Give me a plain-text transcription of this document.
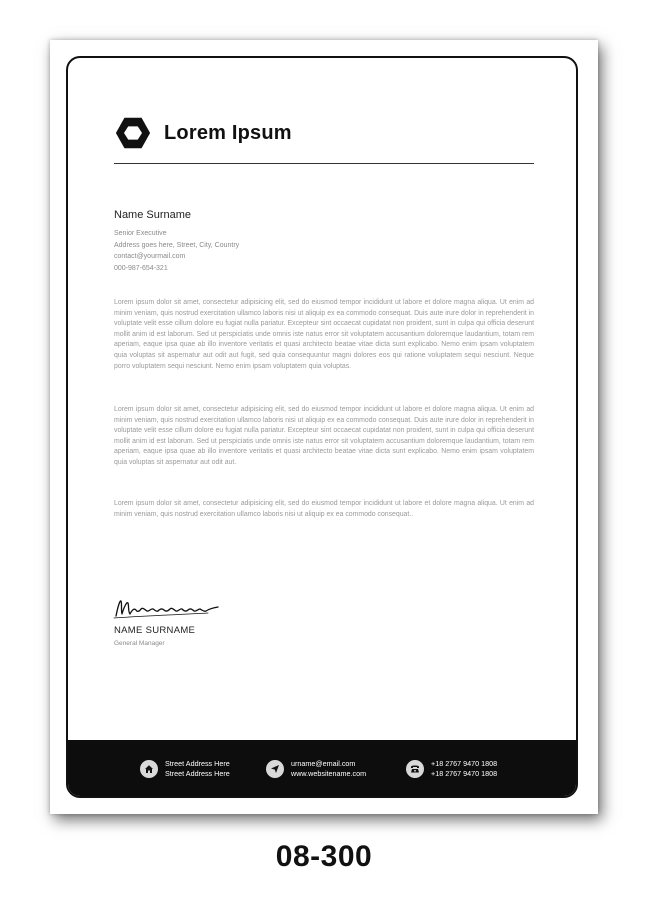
Lorem Ipsum
Name Surname
Senior Executive
Address goes here, Street, City, Country
contact@yourmail.com
000-987-654-321

Lorem ipsum dolor sit amet, consectetur adipisicing elit, sed do eiusmod tempor incididunt ut labore et dolore magna aliqua. Ut enim ad minim veniam, quis nostrud exercitation ullamco laboris nisi ut aliquip ex ea commodo consequat. Duis aute irure dolor in reprehenderit in voluptate velit esse cillum dolore eu fugiat nulla pariatur. Excepteur sint occaecat cupidatat non proident, sunt in culpa qui officia deserunt mollit anim id est laborum. Sed ut perspiciatis unde omnis iste natus error sit voluptatem accusantium doloremque laudantium, totam rem aperiam, eaque ipsa quae ab illo inventore veritatis et quasi architecto beatae vitae dicta sunt explicabo. Nemo enim ipsam voluptatem quia voluptas sit aspernatur aut odit aut fugit, sed quia consequuntur magni dolores eos qui ratione voluptatem sequi nesciunt. Neque porro voluptatem sequi nesciunt. Nemo enim ipsam voluptatem quia voluptas.

Lorem ipsum dolor sit amet, consectetur adipisicing elit, sed do eiusmod tempor incididunt ut labore et dolore magna aliqua. Ut enim ad minim veniam, quis nostrud exercitation ullamco laboris nisi ut aliquip ex ea commodo consequat. Duis aute irure dolor in reprehenderit in voluptate velit esse cillum dolore eu fugiat nulla pariatur. Excepteur sint occaecat cupidatat non proident, sunt in culpa qui officia deserunt mollit anim id est laborum. Sed ut perspiciatis unde omnis iste natus error sit voluptatem accusantium doloremque laudantium, totam rem aperiam, eaque ipsa quae ab illo inventore veritatis et quasi architecto beatae vitae dicta sunt explicabo. Nemo enim ipsam voluptatem quia voluptas sit aspernatur aut odit aut.

Lorem ipsum dolor sit amet, consectetur adipisicing elit, sed do eiusmod tempor incididunt ut labore et dolore magna aliqua. Ut enim ad minim veniam, quis nostrud exercitation ullamco laboris nisi ut aliquip ex ea commodo consequat..

NAME SURNAME
General Manager
Street Address Here
Street Address Here
urname@email.com
www.websitename.com
+18 2767 9470 1808
+18 2767 9470 1808
08-300
